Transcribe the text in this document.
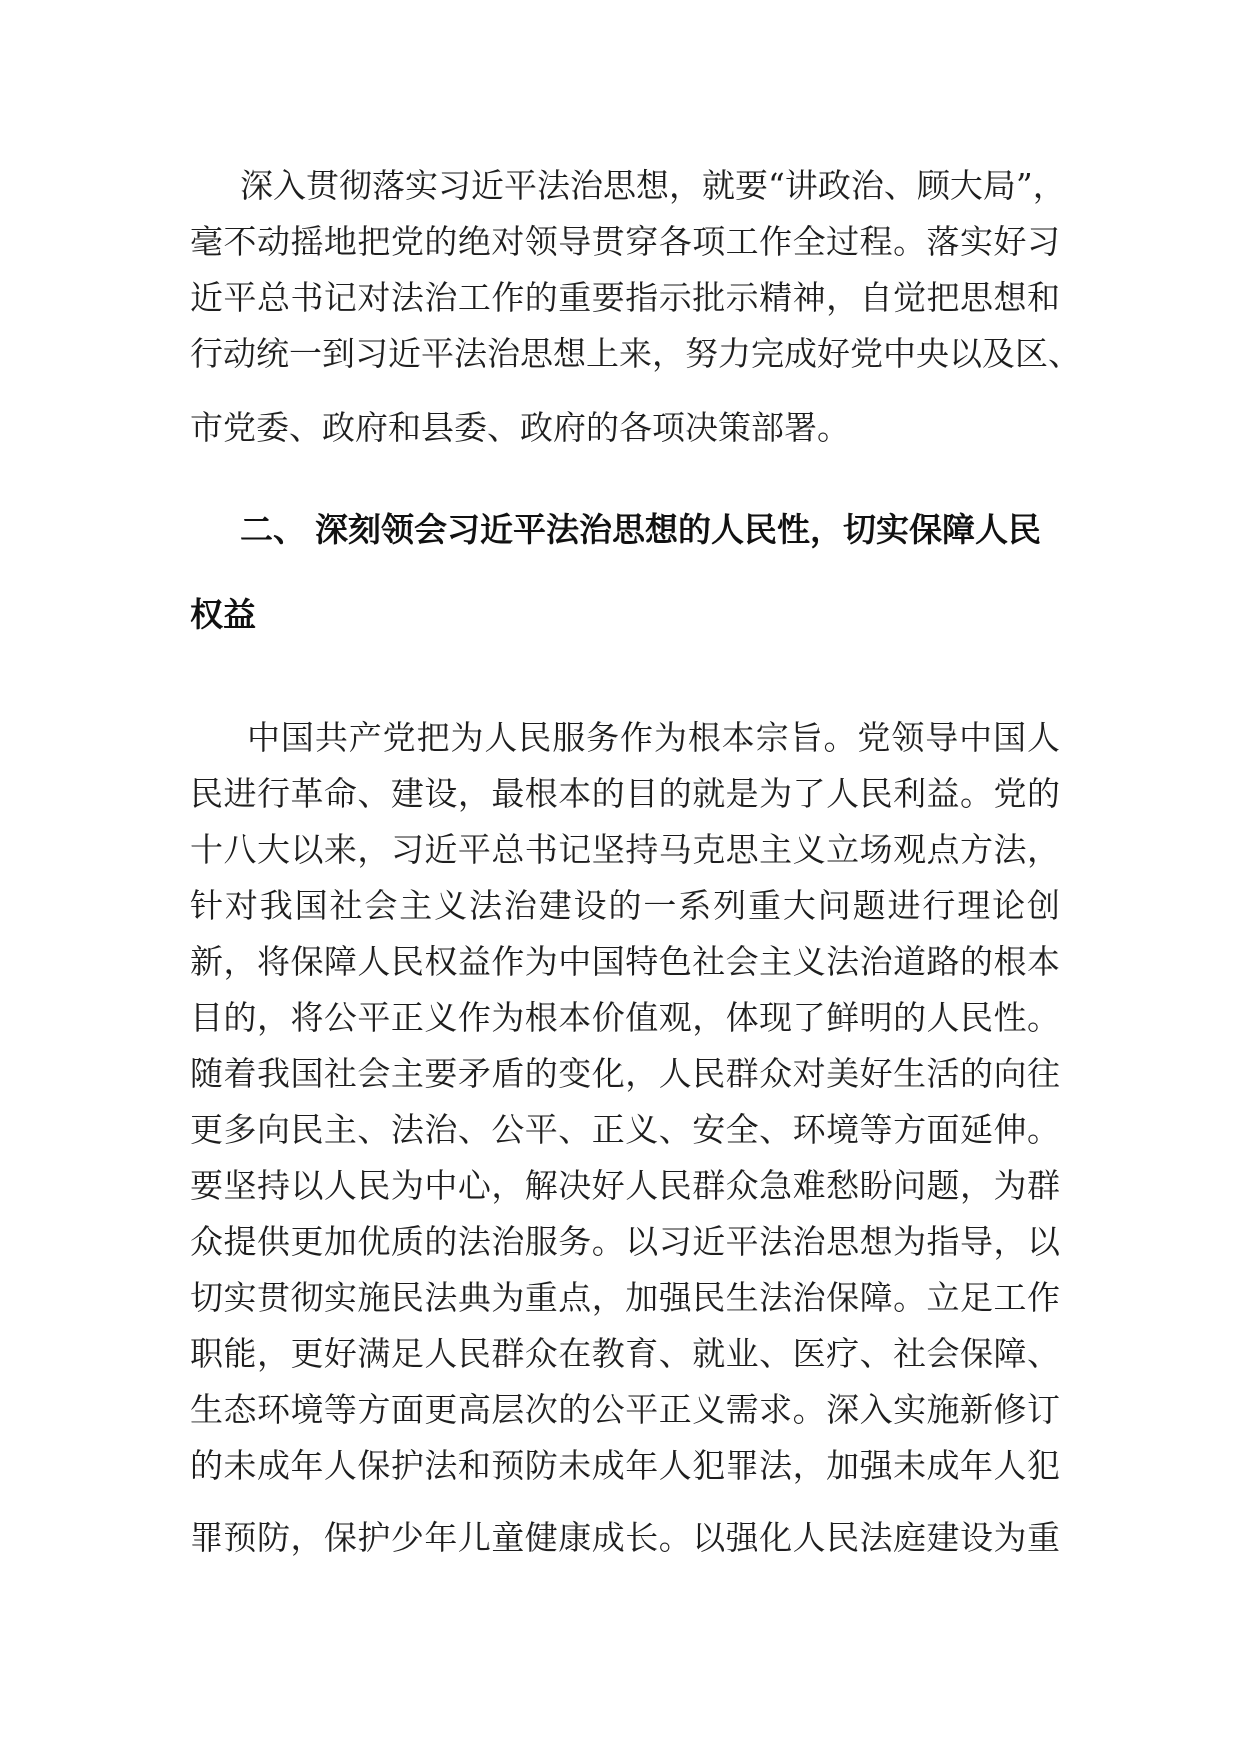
深入贯彻落实习近平法治思想，就要“讲政治、顾大局”，

毫不动摇地把党的绝对领导贯穿各项工作全过程。落实好习

近平总书记对法治工作的重要指示批示精神，自觉把思想和

行动统一到习近平法治思想上来，努力完成好党中央以及区、

市党委、政府和县委、政府的各项决策部署。

二、 深刻领会习近平法治思想的人民性，切实保障人民

权益

中国共产党把为人民服务作为根本宗旨。党领导中国人

民进行革命、建设，最根本的目的就是为了人民利益。党的

十八大以来，习近平总书记坚持马克思主义立场观点方法，

针对我国社会主义法治建设的一系列重大问题进行理论创

新，将保障人民权益作为中国特色社会主义法治道路的根本

目的，将公平正义作为根本价值观，体现了鲜明的人民性。

随着我国社会主要矛盾的变化，人民群众对美好生活的向往

更多向民主、法治、公平、正义、安全、环境等方面延伸。

要坚持以人民为中心，解决好人民群众急难愁盼问题，为群

众提供更加优质的法治服务。以习近平法治思想为指导，以

切实贯彻实施民法典为重点，加强民生法治保障。立足工作

职能，更好满足人民群众在教育、就业、医疗、社会保障、

生态环境等方面更高层次的公平正义需求。深入实施新修订

的未成年人保护法和预防未成年人犯罪法，加强未成年人犯

罪预防，保护少年儿童健康成长。以强化人民法庭建设为重
